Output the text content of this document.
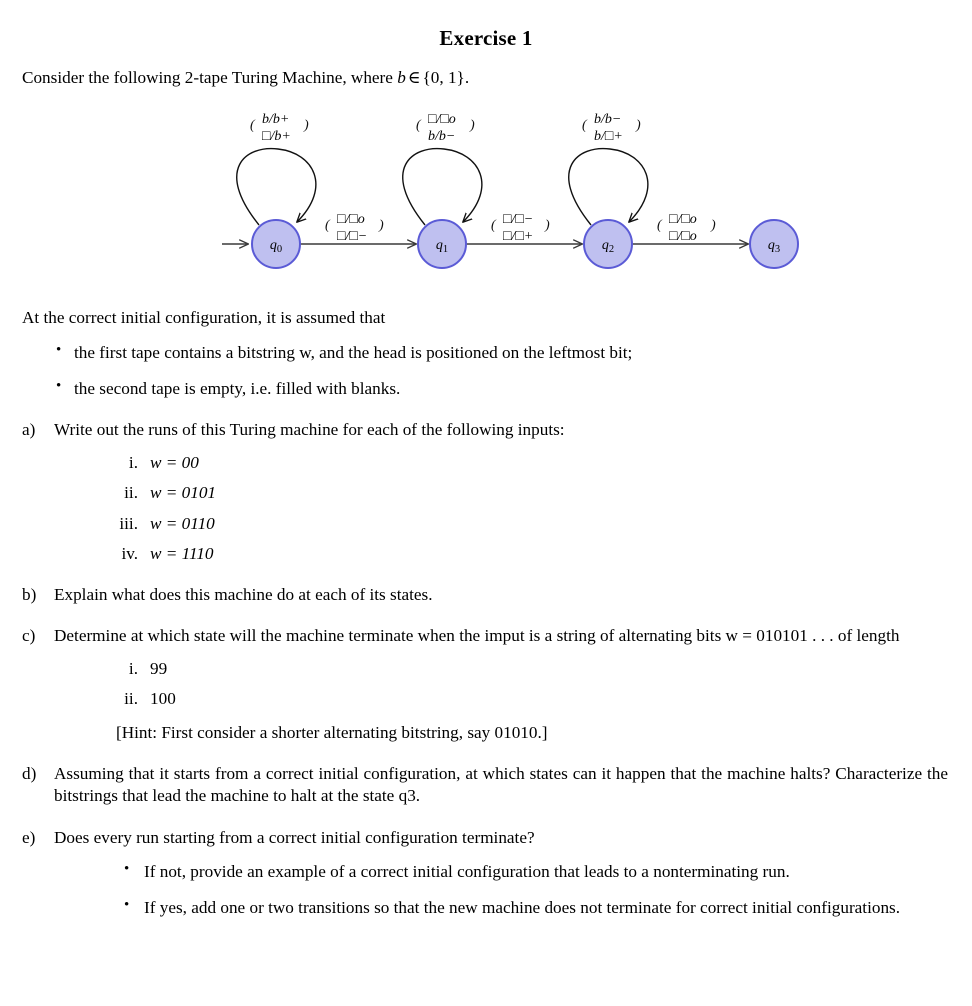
Exercise 1
Consider the following 2-tape Turing Machine, where b ∈ {0, 1}.
( b/b+
□/b+
)	( □/□o
b/b−
)	( b/b−
b/□+
)
( □/□o
□/□−
)	( □/□−
□/□+
)	( □/□o
□/□o
)
$q_0$	$q_1$	$q_2$	$q_3$
At the correct initial configuration, it is assumed that
• the first tape contains a bitstring w, and the head is positioned on the leftmost bit;
• the second tape is empty, i.e. filled with blanks.
a) Write out the runs of this Turing machine for each of the following inputs:
i. w = 00
ii. w = 0101
iii. w = 0110
iv. w = 1110
b) Explain what does this machine do at each of its states.
c) Determine at which state will the machine terminate when the imput is a string of alternating bits w = 010101 . . . of length
i. 99
ii. 100
[Hint: First consider a shorter alternating bitstring, say 01010.]
d) Assuming that it starts from a correct initial configuration, at which states can it happen that the machine halts? Characterize the bitstrings that lead the machine to halt at the state q3.
e) Does every run starting from a correct initial configuration terminate?
• If not, provide an example of a correct initial configuration that leads to a nonterminating run.
• If yes, add one or two transitions so that the new machine does not terminate for correct initial configurations.
